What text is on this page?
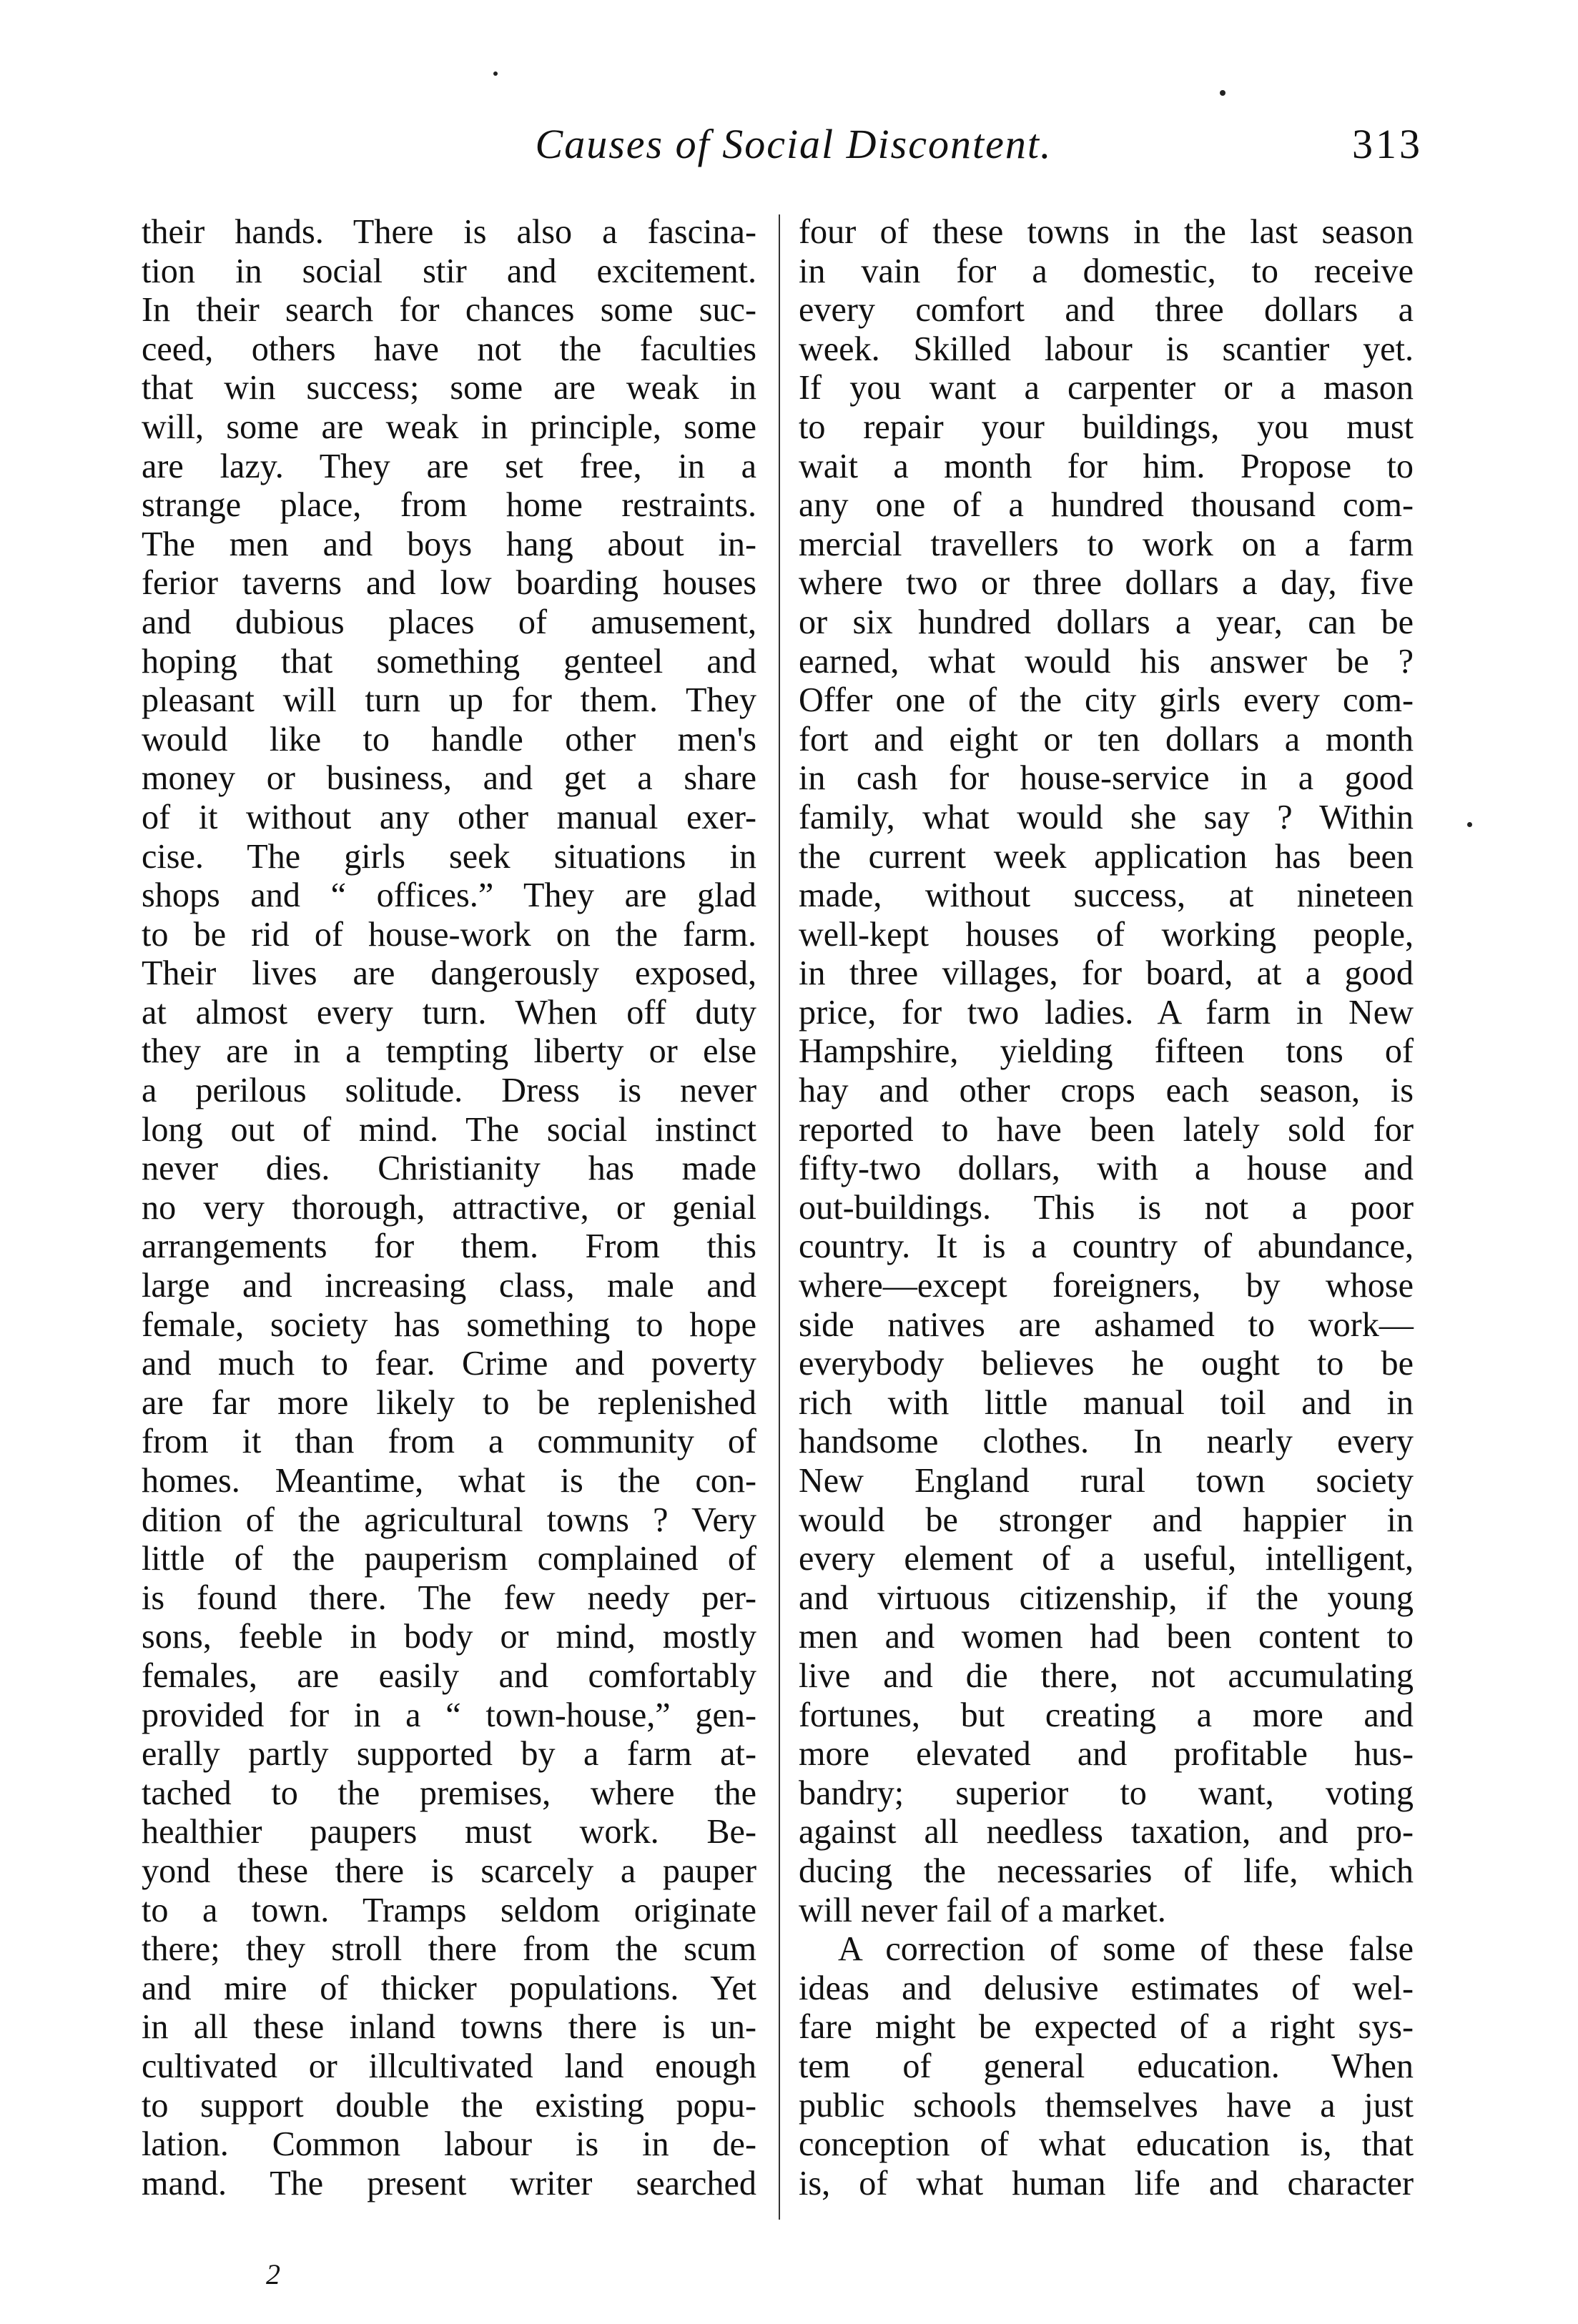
Causes of Social Discontent.	313
their hands. There is also a fascina-
tion in social stir and excitement.
In their search for chances some suc-
ceed, others have not the faculties
that win success; some are weak in
will, some are weak in principle, some
are lazy. They are set free, in a
strange place, from home restraints.
The men and boys hang about in-
ferior taverns and low boarding houses
and dubious places of amusement,
hoping that something genteel and
pleasant will turn up for them. They
would like to handle other men's
money or business, and get a share
of it without any other manual exer-
cise. The girls seek situations in
shops and “ offices.” They are glad
to be rid of house-work on the farm.
Their lives are dangerously exposed,
at almost every turn. When off duty
they are in a tempting liberty or else
a perilous solitude. Dress is never
long out of mind. The social instinct
never dies. Christianity has made
no very thorough, attractive, or genial
arrangements for them. From this
large and increasing class, male and
female, society has something to hope
and much to fear. Crime and poverty
are far more likely to be replenished
from it than from a community of
homes. Meantime, what is the con-
dition of the agricultural towns ? Very
little of the pauperism complained of
is found there. The few needy per-
sons, feeble in body or mind, mostly
females, are easily and comfortably
provided for in a “ town-house,” gen-
erally partly supported by a farm at-
tached to the premises, where the
healthier paupers must work. Be-
yond these there is scarcely a pauper
to a town. Tramps seldom originate
there; they stroll there from the scum
and mire of thicker populations. Yet
in all these inland towns there is un-
cultivated or illcultivated land enough
to support double the existing popu-
lation. Common labour is in de-
mand. The present writer searched
four of these towns in the last season
in vain for a domestic, to receive
every comfort and three dollars a
week. Skilled labour is scantier yet.
If you want a carpenter or a mason
to repair your buildings, you must
wait a month for him. Propose to
any one of a hundred thousand com-
mercial travellers to work on a farm
where two or three dollars a day, five
or six hundred dollars a year, can be
earned, what would his answer be ?
Offer one of the city girls every com-
fort and eight or ten dollars a month
in cash for house-service in a good
family, what would she say ? Within
the current week application has been
made, without success, at nineteen
well-kept houses of working people,
in three villages, for board, at a good
price, for two ladies. A farm in New
Hampshire, yielding fifteen tons of
hay and other crops each season, is
reported to have been lately sold for
fifty-two dollars, with a house and
out-buildings. This is not a poor
country. It is a country of abundance,
where—except foreigners, by whose
side natives are ashamed to work—
everybody believes he ought to be
rich with little manual toil and in
handsome clothes. In nearly every
New England rural town society
would be stronger and happier in
every element of a useful, intelligent,
and virtuous citizenship, if the young
men and women had been content to
live and die there, not accumulating
fortunes, but creating a more and
more elevated and profitable hus-
bandry; superior to want, voting
against all needless taxation, and pro-
ducing the necessaries of life, which
will never fail of a market.
A correction of some of these false
ideas and delusive estimates of wel-
fare might be expected of a right sys-
tem of general education. When
public schools themselves have a just
conception of what education is, that
is, of what human life and character
2
